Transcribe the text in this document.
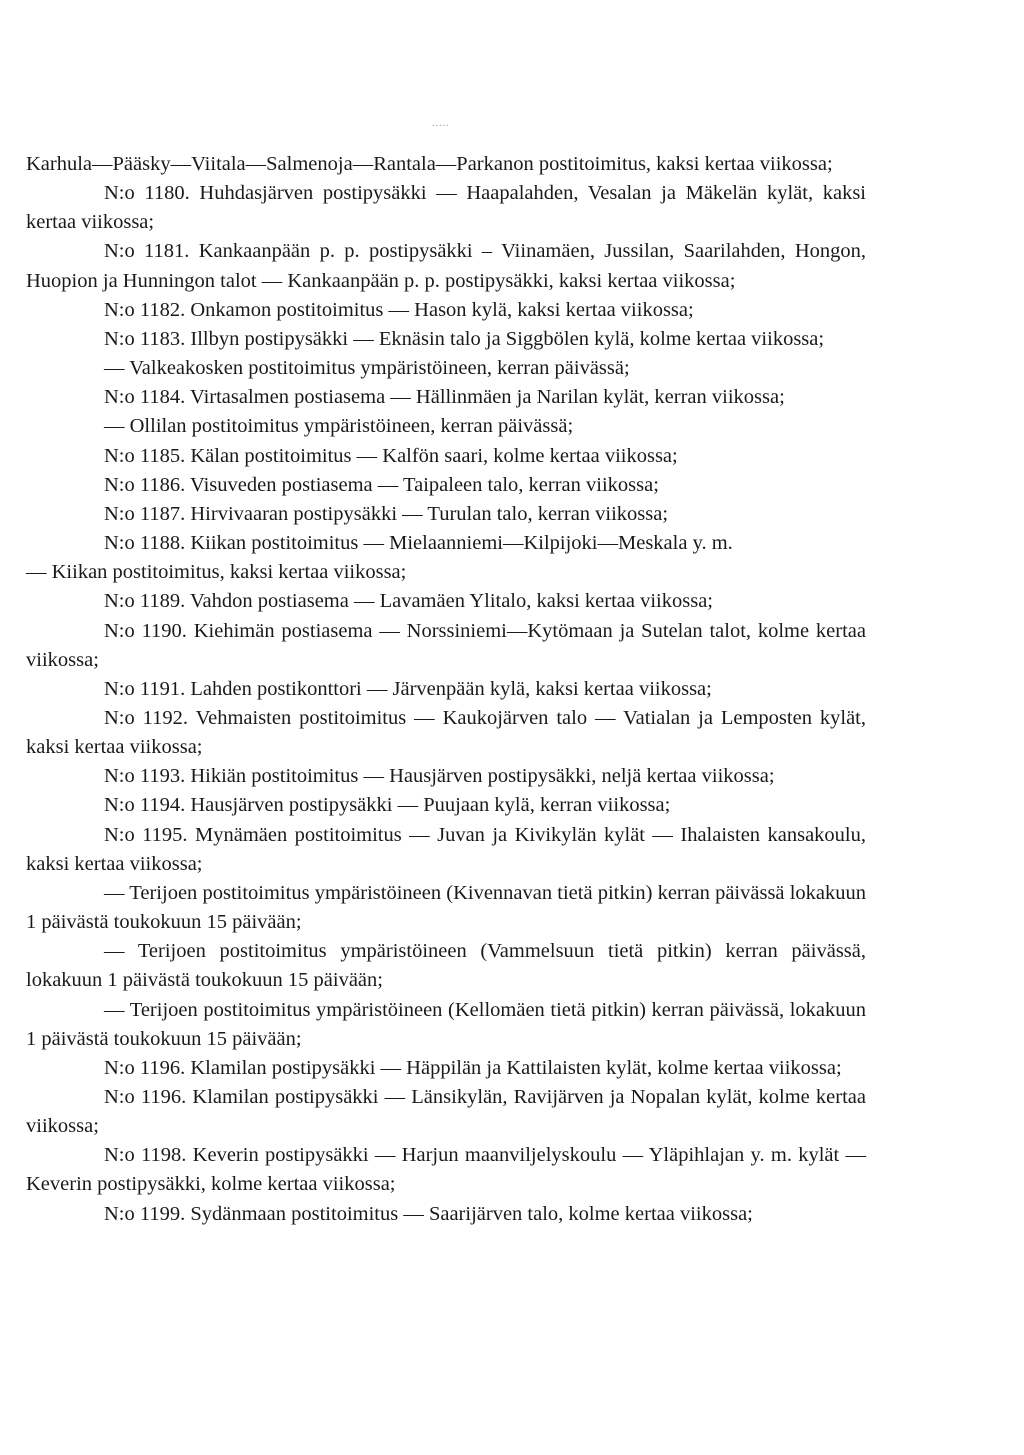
.....

Karhula—Pääsky—Viitala—Salmenoja—Rantala—Parkanon postitoimitus, kaksi kertaa viikossa;

N:o 1180. Huhdasjärven postipysäkki — Haapalahden, Vesalan ja Mäkelän kylät, kaksi kertaa viikossa;

N:o 1181. Kankaanpään p. p. postipysäkki – Viinamäen, Jussilan, Saarilahden, Hongon, Huopion ja Hunningon talot — Kankaanpään p. p. postipysäkki, kaksi kertaa viikossa;

N:o 1182. Onkamon postitoimitus — Hason kylä, kaksi kertaa viikossa;

N:o 1183. Illbyn postipysäkki — Eknäsin talo ja Siggbölen kylä, kolme kertaa viikossa;

— Valkeakosken postitoimitus ympäristöineen, kerran päivässä;

N:o 1184. Virtasalmen postiasema — Hällinmäen ja Narilan kylät, kerran viikossa;

— Ollilan postitoimitus ympäristöineen, kerran päivässä;

N:o 1185. Kälan postitoimitus — Kalfön saari, kolme kertaa viikossa;

N:o 1186. Visuveden postiasema — Taipaleen talo, kerran viikossa;

N:o 1187. Hirvivaaran postipysäkki — Turulan talo, kerran viikossa;

N:o 1188. Kiikan postitoimitus — Mielaanniemi—Kilpijoki—Meskala y. m.

— Kiikan postitoimitus, kaksi kertaa viikossa;

N:o 1189. Vahdon postiasema — Lavamäen Ylitalo, kaksi kertaa viikossa;

N:o 1190. Kiehimän postiasema — Norssiniemi—Kytömaan ja Sutelan talot, kolme kertaa viikossa;

N:o 1191. Lahden postikonttori — Järvenpään kylä, kaksi kertaa viikossa;

N:o 1192. Vehmaisten postitoimitus — Kaukojärven talo — Vatialan ja Lemposten kylät, kaksi kertaa viikossa;

N:o 1193. Hikiän postitoimitus — Hausjärven postipysäkki, neljä kertaa viikossa;

N:o 1194. Hausjärven postipysäkki — Puujaan kylä, kerran viikossa;

N:o 1195. Mynämäen postitoimitus — Juvan ja Kivikylän kylät — Ihalaisten kansakoulu, kaksi kertaa viikossa;

— Terijoen postitoimitus ympäristöineen (Kivennavan tietä pitkin) kerran päivässä lokakuun 1 päivästä toukokuun 15 päivään;

— Terijoen postitoimitus ympäristöineen (Vammelsuun tietä pitkin) kerran päivässä, lokakuun 1 päivästä toukokuun 15 päivään;

— Terijoen postitoimitus ympäristöineen (Kellomäen tietä pitkin) kerran päivässä, lokakuun 1 päivästä toukokuun 15 päivään;

N:o 1196. Klamilan postipysäkki — Häppilän ja Kattilaisten kylät, kolme kertaa viikossa;

N:o 1196. Klamilan postipysäkki — Länsikylän, Ravijärven ja Nopalan kylät, kolme kertaa viikossa;

N:o 1198. Keverin postipysäkki — Harjun maanviljelyskoulu — Yläpihlajan y. m. kylät — Keverin postipysäkki, kolme kertaa viikossa;

N:o 1199. Sydänmaan postitoimitus — Saarijärven talo, kolme kertaa viikossa;
